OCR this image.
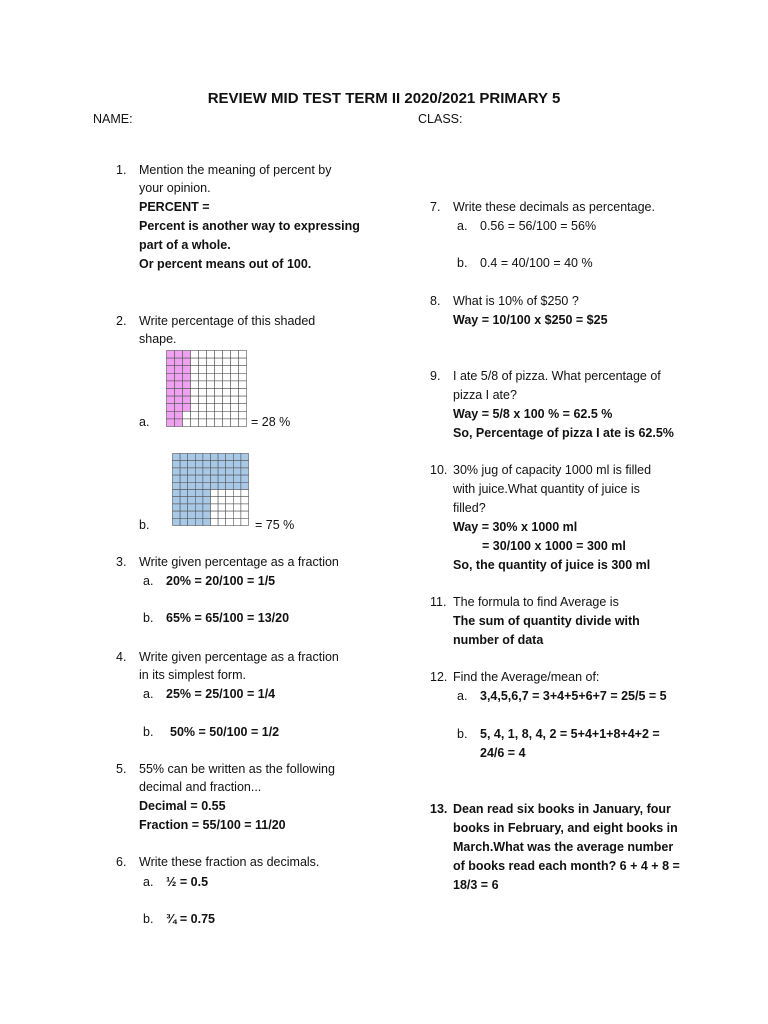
REVIEW MID TEST TERM II 2020/2021 PRIMARY 5

NAME:	CLASS:

1. Mention the meaning of percent by

your opinion.

PERCENT =

Percent is another way to expressing

part of a whole.

Or percent means out of 100.

2. Write percentage of this shaded

shape.

a.	= 28 %

b.	= 75 %

3. Write given percentage as a fraction

a. 20% = 20/100 = 1/5

b. 65% = 65/100 = 13/20

4. Write given percentage as a fraction

in its simplest form.

a. 25% = 25/100 = 1/4

b. 50% = 50/100 = 1/2

5. 55% can be written as the following

decimal and fraction...

Decimal = 0.55

Fraction = 55/100 = 11/20

6. Write these fraction as decimals.

a. ½ = 0.5

b. ¾ = 0.75

7. Write these decimals as percentage.

a. 0.56 = 56/100 = 56%

b. 0.4 = 40/100 = 40 %

8. What is 10% of $250 ?

Way = 10/100 x $250 = $25

9. I ate 5/8 of pizza. What percentage of

pizza I ate?

Way = 5/8 x 100 % = 62.5 %

So, Percentage of pizza I ate is 62.5%

10. 30% jug of capacity 1000 ml is filled

with juice.What quantity of juice is

filled?

Way = 30% x 1000 ml

= 30/100 x 1000 = 300 ml

So, the quantity of juice is 300 ml

11. The formula to find Average is

The sum of quantity divide with

number of data

12. Find the Average/mean of:

a. 3,4,5,6,7 = 3+4+5+6+7 = 25/5 = 5

b. 5, 4, 1, 8, 4, 2 = 5+4+1+8+4+2 =

24/6 = 4

13. Dean read six books in January, four

books in February, and eight books in

March.What was the average number

of books read each month? 6 + 4 + 8 =

18/3 = 6
